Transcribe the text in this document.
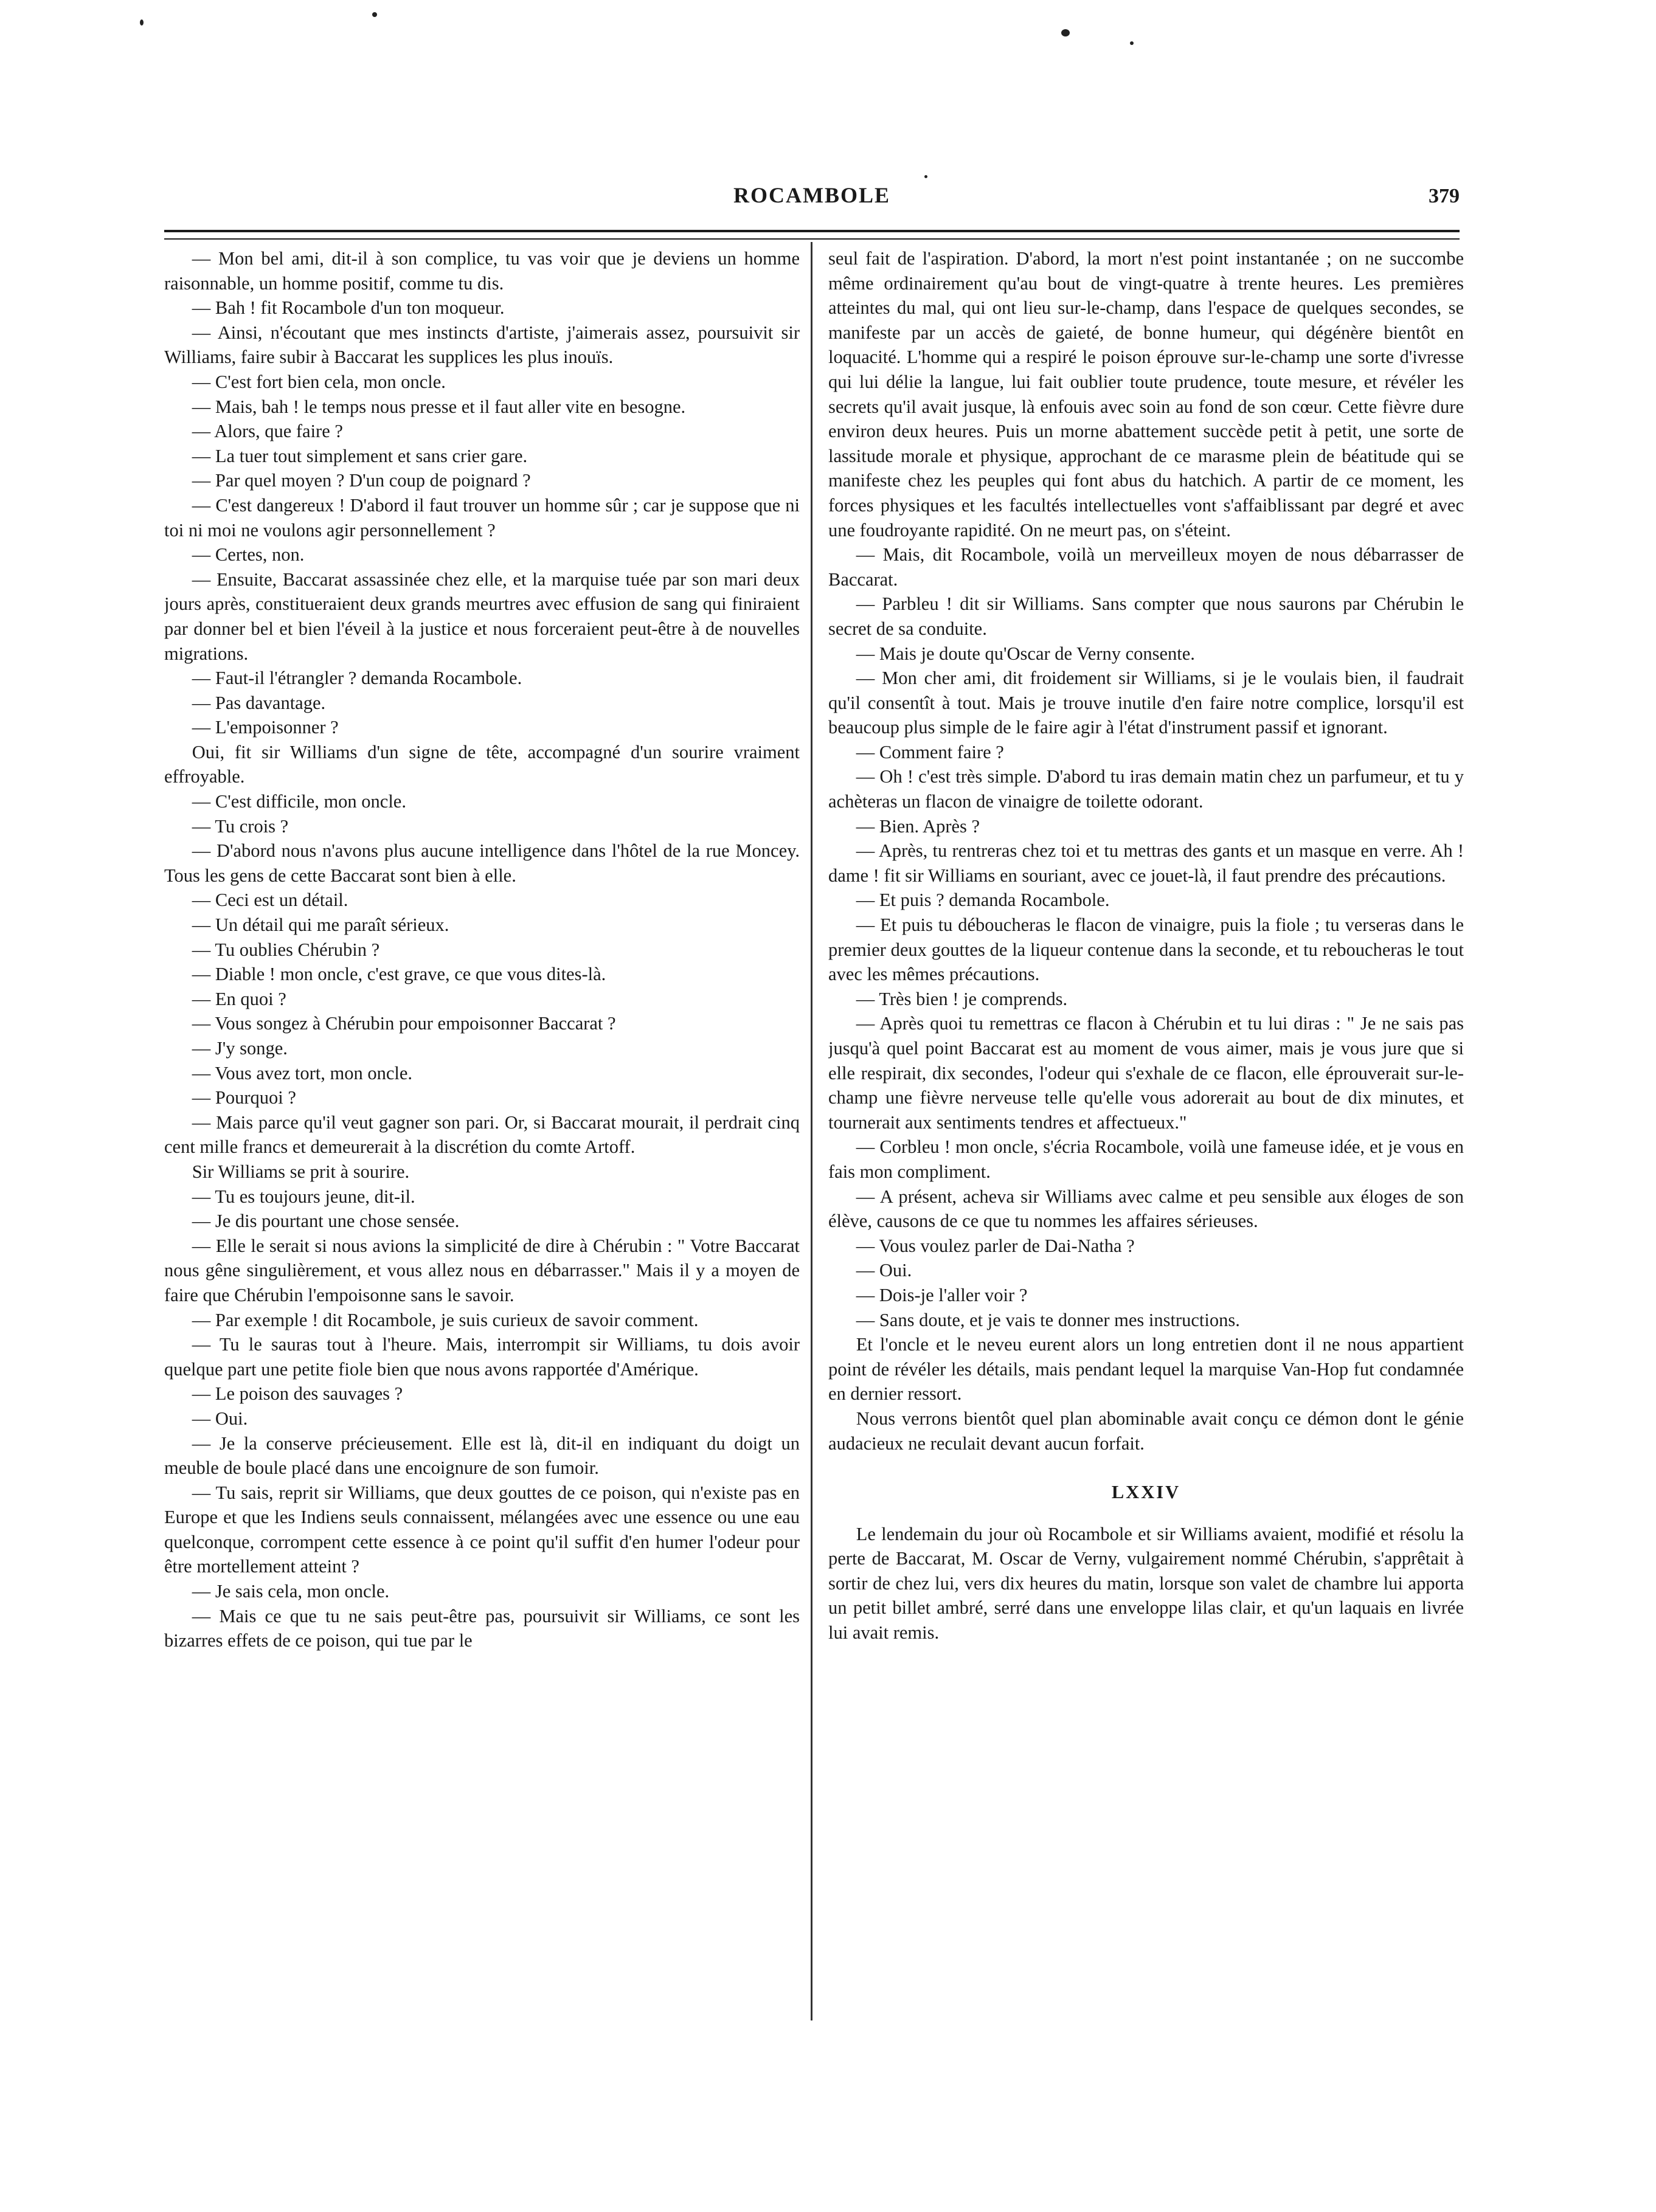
ROCAMBOLE	379

— Mon bel ami, dit-il à son complice, tu vas voir que je deviens un homme raisonnable, un homme positif, comme tu dis.

— Bah ! fit Rocambole d'un ton moqueur.

— Ainsi, n'écoutant que mes instincts d'artiste, j'aimerais assez, poursuivit sir Williams, faire subir à Baccarat les supplices les plus inouïs.

— C'est fort bien cela, mon oncle.

— Mais, bah ! le temps nous presse et il faut aller vite en besogne.

— Alors, que faire ?

— La tuer tout simplement et sans crier gare.

— Par quel moyen ? D'un coup de poignard ?

— C'est dangereux ! D'abord il faut trouver un homme sûr ; car je suppose que ni toi ni moi ne voulons agir personnellement ?

— Certes, non.

— Ensuite, Baccarat assassinée chez elle, et la marquise tuée par son mari deux jours après, constitueraient deux grands meurtres avec effusion de sang qui finiraient par donner bel et bien l'éveil à la justice et nous forceraient peut-être à de nouvelles migrations.

— Faut-il l'étrangler ? demanda Rocambole.

— Pas davantage.

— L'empoisonner ?

Oui, fit sir Williams d'un signe de tête, accompagné d'un sourire vraiment effroyable.

— C'est difficile, mon oncle.

— Tu crois ?

— D'abord nous n'avons plus aucune intelligence dans l'hôtel de la rue Moncey. Tous les gens de cette Baccarat sont bien à elle.

— Ceci est un détail.

— Un détail qui me paraît sérieux.

— Tu oublies Chérubin ?

— Diable ! mon oncle, c'est grave, ce que vous dites-là.

— En quoi ?

— Vous songez à Chérubin pour empoisonner Baccarat ?

— J'y songe.

— Vous avez tort, mon oncle.

— Pourquoi ?

— Mais parce qu'il veut gagner son pari. Or, si Baccarat mourait, il perdrait cinq cent mille francs et demeurerait à la discrétion du comte Artoff.

Sir Williams se prit à sourire.

— Tu es toujours jeune, dit-il.

— Je dis pourtant une chose sensée.

— Elle le serait si nous avions la simplicité de dire à Chérubin : " Votre Baccarat nous gêne singulièrement, et vous allez nous en débarrasser." Mais il y a moyen de faire que Chérubin l'empoisonne sans le savoir.

— Par exemple ! dit Rocambole, je suis curieux de savoir comment.

— Tu le sauras tout à l'heure. Mais, interrompit sir Williams, tu dois avoir quelque part une petite fiole bien que nous avons rapportée d'Amérique.

— Le poison des sauvages ?

— Oui.

— Je la conserve précieusement. Elle est là, dit-il en indiquant du doigt un meuble de boule placé dans une encoignure de son fumoir.

— Tu sais, reprit sir Williams, que deux gouttes de ce poison, qui n'existe pas en Europe et que les Indiens seuls connaissent, mélangées avec une essence ou une eau quelconque, corrompent cette essence à ce point qu'il suffit d'en humer l'odeur pour être mortellement atteint ?

— Je sais cela, mon oncle.

— Mais ce que tu ne sais peut-être pas, poursuivit sir Williams, ce sont les bizarres effets de ce poison, qui tue par le

seul fait de l'aspiration. D'abord, la mort n'est point instantanée ; on ne succombe même ordinairement qu'au bout de vingt-quatre à trente heures. Les premières atteintes du mal, qui ont lieu sur-le-champ, dans l'espace de quelques secondes, se manifeste par un accès de gaieté, de bonne humeur, qui dégénère bientôt en loquacité. L'homme qui a respiré le poison éprouve sur-le-champ une sorte d'ivresse qui lui délie la langue, lui fait oublier toute prudence, toute mesure, et révéler les secrets qu'il avait jusque, là enfouis avec soin au fond de son cœur. Cette fièvre dure environ deux heures. Puis un morne abattement succède petit à petit, une sorte de lassitude morale et physique, approchant de ce marasme plein de béatitude qui se manifeste chez les peuples qui font abus du hatchich. A partir de ce moment, les forces physiques et les facultés intellectuelles vont s'affaiblissant par degré et avec une foudroyante rapidité. On ne meurt pas, on s'éteint.

— Mais, dit Rocambole, voilà un merveilleux moyen de nous débarrasser de Baccarat.

— Parbleu ! dit sir Williams. Sans compter que nous saurons par Chérubin le secret de sa conduite.

— Mais je doute qu'Oscar de Verny consente.

— Mon cher ami, dit froidement sir Williams, si je le voulais bien, il faudrait qu'il consentît à tout. Mais je trouve inutile d'en faire notre complice, lorsqu'il est beaucoup plus simple de le faire agir à l'état d'instrument passif et ignorant.

— Comment faire ?

— Oh ! c'est très simple. D'abord tu iras demain matin chez un parfumeur, et tu y achèteras un flacon de vinaigre de toilette odorant.

— Bien. Après ?

— Après, tu rentreras chez toi et tu mettras des gants et un masque en verre. Ah ! dame ! fit sir Williams en souriant, avec ce jouet-là, il faut prendre des précautions.

— Et puis ? demanda Rocambole.

— Et puis tu déboucheras le flacon de vinaigre, puis la fiole ; tu verseras dans le premier deux gouttes de la liqueur contenue dans la seconde, et tu reboucheras le tout avec les mêmes précautions.

— Très bien ! je comprends.

— Après quoi tu remettras ce flacon à Chérubin et tu lui diras : " Je ne sais pas jusqu'à quel point Baccarat est au moment de vous aimer, mais je vous jure que si elle respirait, dix secondes, l'odeur qui s'exhale de ce flacon, elle éprouverait sur-le-champ une fièvre nerveuse telle qu'elle vous adorerait au bout de dix minutes, et tournerait aux sentiments tendres et affectueux."

— Corbleu ! mon oncle, s'écria Rocambole, voilà une fameuse idée, et je vous en fais mon compliment.

— A présent, acheva sir Williams avec calme et peu sensible aux éloges de son élève, causons de ce que tu nommes les affaires sérieuses.

— Vous voulez parler de Dai-Natha ?

— Oui.

— Dois-je l'aller voir ?

— Sans doute, et je vais te donner mes instructions.

Et l'oncle et le neveu eurent alors un long entretien dont il ne nous appartient point de révéler les détails, mais pendant lequel la marquise Van-Hop fut condamnée en dernier ressort.

Nous verrons bientôt quel plan abominable avait conçu ce démon dont le génie audacieux ne reculait devant aucun forfait.

LXXIV

Le lendemain du jour où Rocambole et sir Williams avaient, modifié et résolu la perte de Baccarat, M. Oscar de Verny, vulgairement nommé Chérubin, s'apprêtait à sortir de chez lui, vers dix heures du matin, lorsque son valet de chambre lui apporta un petit billet ambré, serré dans une enveloppe lilas clair, et qu'un laquais en livrée lui avait remis.
